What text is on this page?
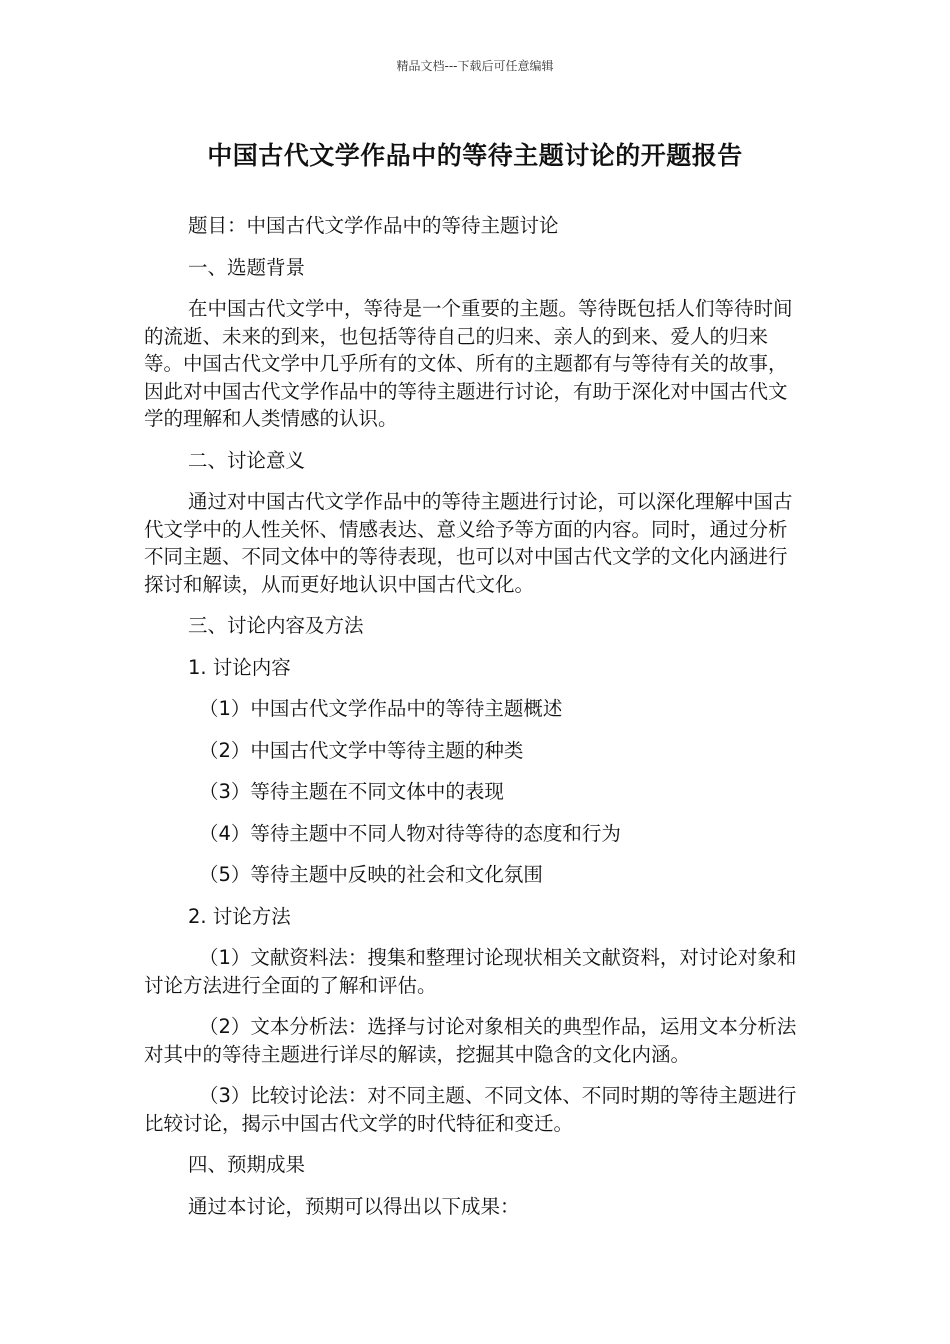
精品文档---下载后可任意编辑
中国古代文学作品中的等待主题讨论的开题报告

题目：中国古代文学作品中的等待主题讨论

一、选题背景

在中国古代文学中，等待是一个重要的主题。等待既包括人们等待时间的流逝、未来的到来，也包括等待自己的归来、亲人的到来、爱人的归来等。中国古代文学中几乎所有的文体、所有的主题都有与等待有关的故事，因此对中国古代文学作品中的等待主题进行讨论，有助于深化对中国古代文学的理解和人类情感的认识。

二、讨论意义

通过对中国古代文学作品中的等待主题进行讨论，可以深化理解中国古代文学中的人性关怀、情感表达、意义给予等方面的内容。同时，通过分析不同主题、不同文体中的等待表现，也可以对中国古代文学的文化内涵进行探讨和解读，从而更好地认识中国古代文化。

三、讨论内容及方法

1. 讨论内容

（1）中国古代文学作品中的等待主题概述

（2）中国古代文学中等待主题的种类

（3）等待主题在不同文体中的表现

（4）等待主题中不同人物对待等待的态度和行为

（5）等待主题中反映的社会和文化氛围

2. 讨论方法

（1）文献资料法：搜集和整理讨论现状相关文献资料，对讨论对象和讨论方法进行全面的了解和评估。

（2）文本分析法：选择与讨论对象相关的典型作品，运用文本分析法对其中的等待主题进行详尽的解读，挖掘其中隐含的文化内涵。

（3）比较讨论法：对不同主题、不同文体、不同时期的等待主题进行比较讨论，揭示中国古代文学的时代特征和变迁。

四、预期成果

通过本讨论，预期可以得出以下成果：
